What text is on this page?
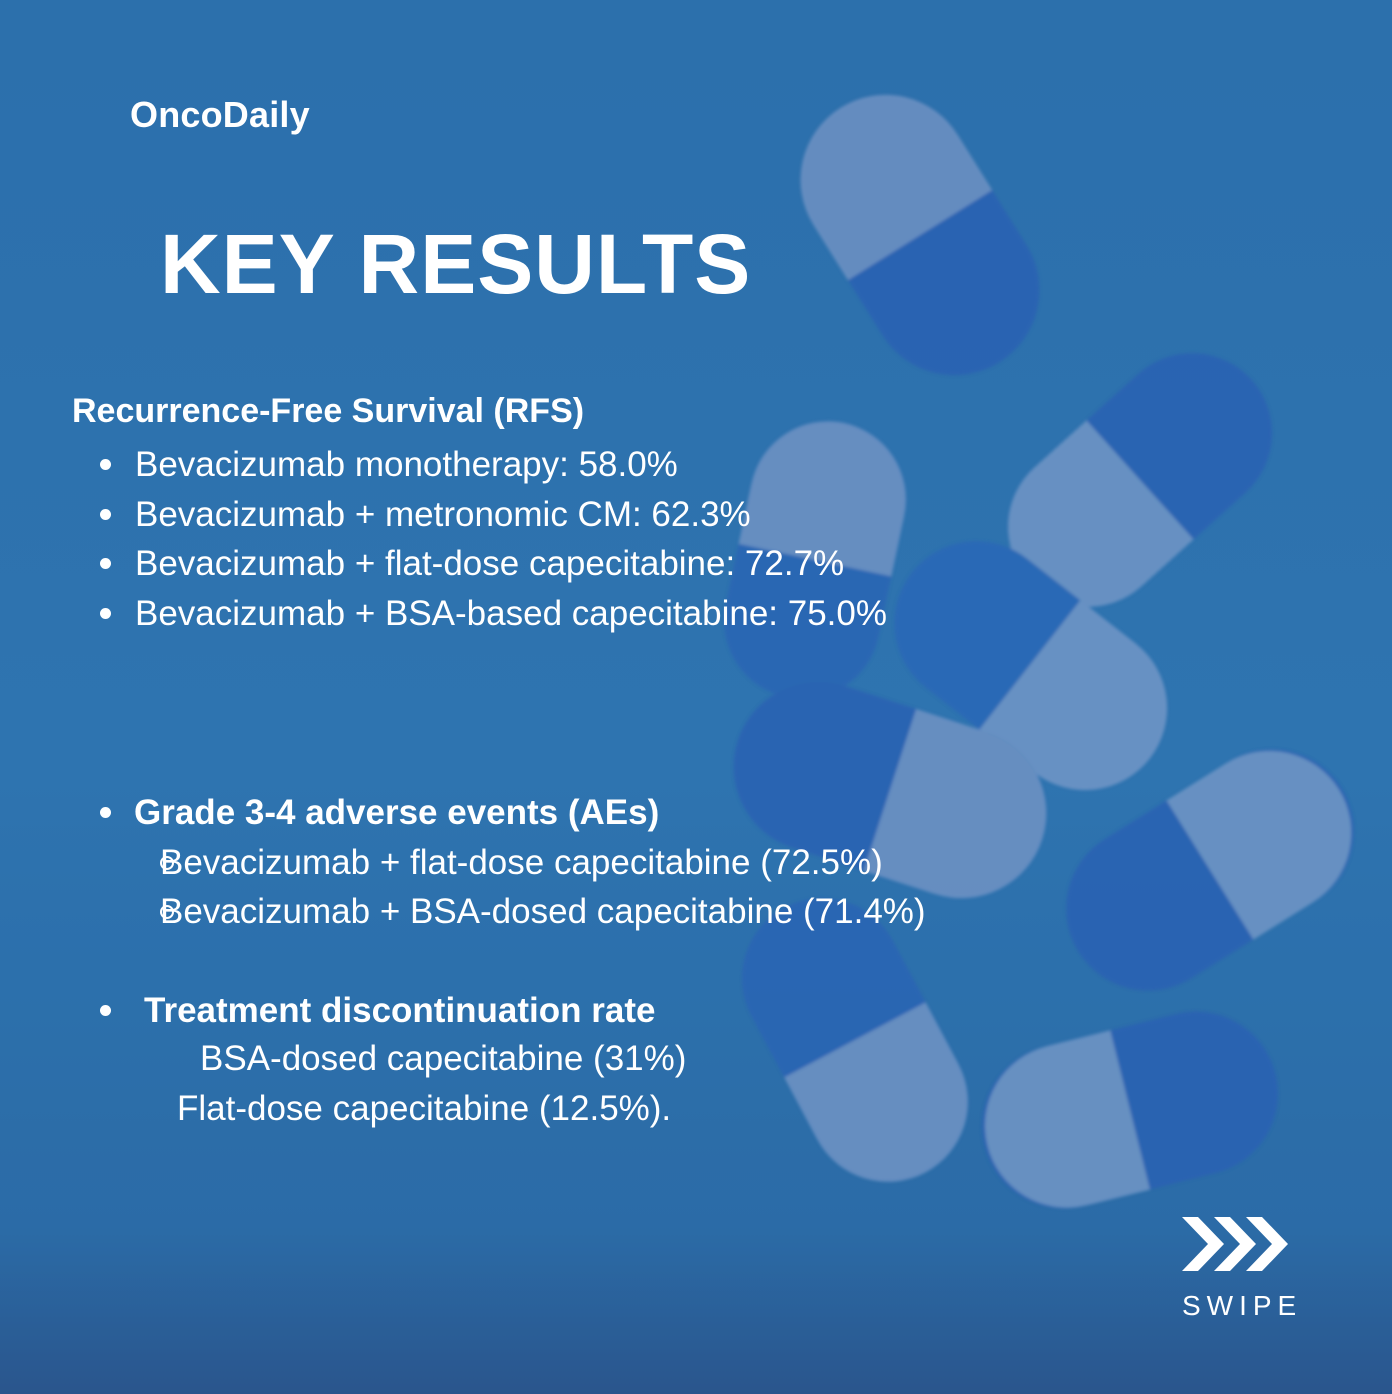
OncoDaily
KEY RESULTS
Recurrence-Free Survival (RFS)
Bevacizumab monotherapy: 58.0%
Bevacizumab + metronomic CM: 62.3%
Bevacizumab + flat-dose capecitabine: 72.7%
Bevacizumab + BSA-based capecitabine: 75.0%
Grade 3-4 adverse events (AEs)
Bevacizumab + flat-dose capecitabine (72.5%)
Bevacizumab + BSA-dosed capecitabine (71.4%)
Treatment discontinuation rate

BSA-dosed capecitabine (31%)

Flat-dose capecitabine (12.5%).

SWIPE
